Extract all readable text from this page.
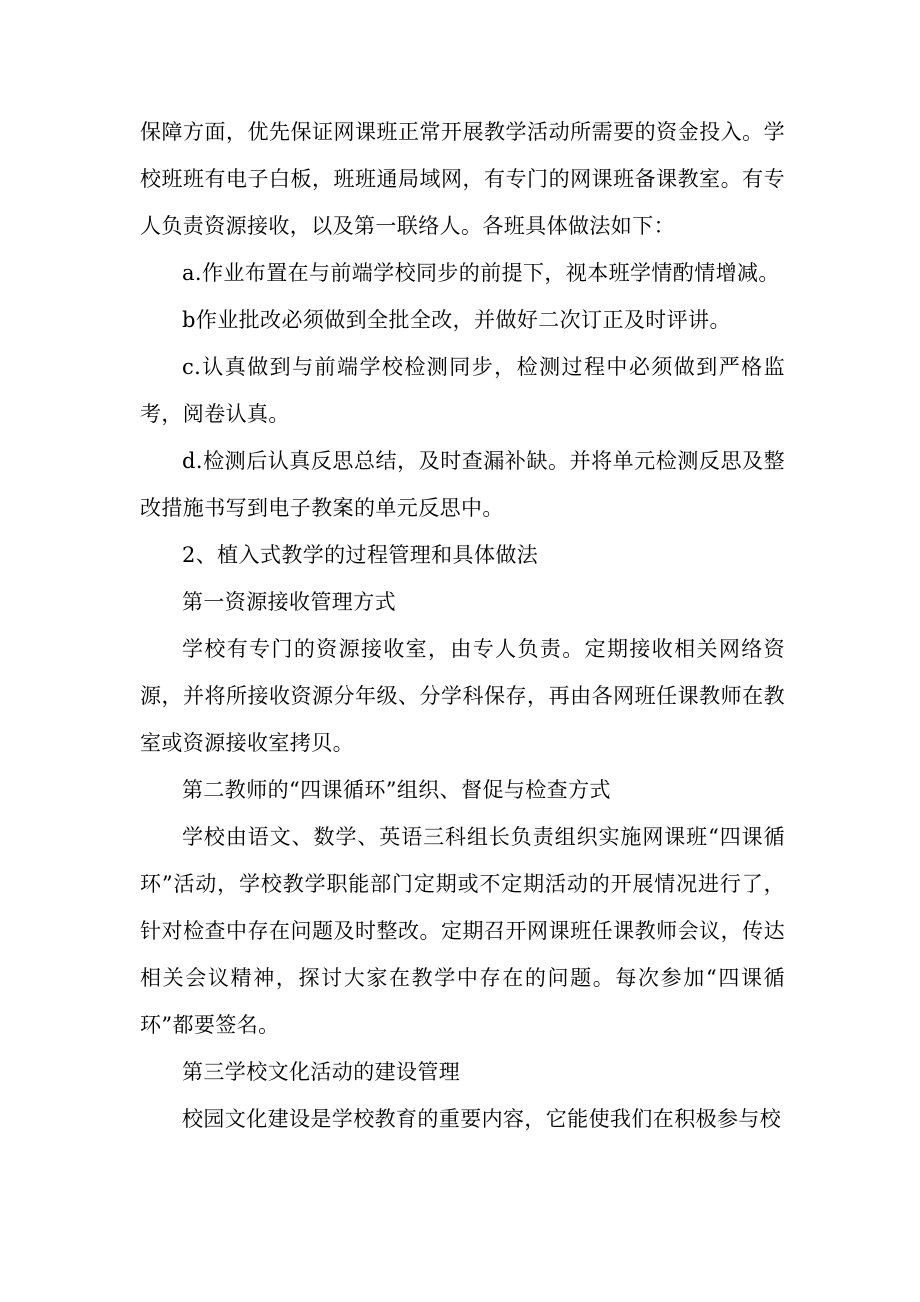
保障方面，优先保证网课班正常开展教学活动所需要的资金投入。学校班班有电子白板，班班通局域网，有专门的网课班备课教室。有专人负责资源接收，以及第一联络人。各班具体做法如下：

a.作业布置在与前端学校同步的前提下，视本班学情酌情增减。

b作业批改必须做到全批全改，并做好二次订正及时评讲。

c.认真做到与前端学校检测同步，检测过程中必须做到严格监考，阅卷认真。

d.检测后认真反思总结，及时查漏补缺。并将单元检测反思及整改措施书写到电子教案的单元反思中。

2、植入式教学的过程管理和具体做法

第一资源接收管理方式

学校有专门的资源接收室，由专人负责。定期接收相关网络资源，并将所接收资源分年级、分学科保存，再由各网班任课教师在教室或资源接收室拷贝。

第二教师的“四课循环”组织、督促与检查方式

学校由语文、数学、英语三科组长负责组织实施网课班“四课循环”活动，学校教学职能部门定期或不定期活动的开展情况进行了，针对检查中存在问题及时整改。定期召开网课班任课教师会议，传达相关会议精神，探讨大家在教学中存在的问题。每次参加“四课循环”都要签名。

第三学校文化活动的建设管理

校园文化建设是学校教育的重要内容，它能使我们在积极参与校
